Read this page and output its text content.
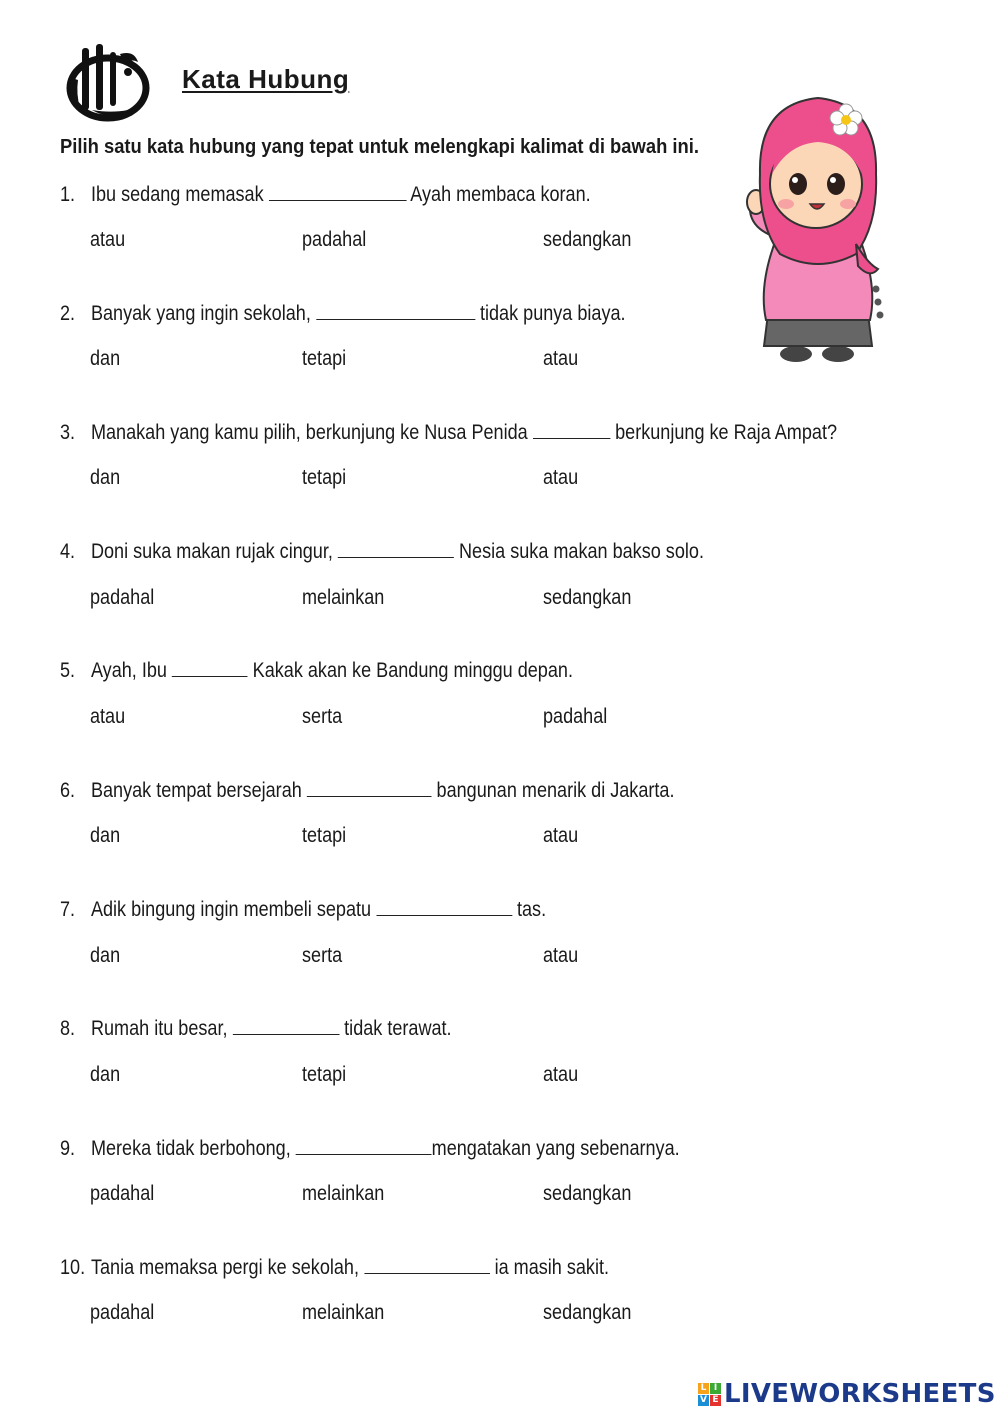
Kata Hubung
Pilih satu kata hubung yang tepat untuk melengkapi kalimat di bawah ini.
1. Ibu sedang memasak	Ayah membaca koran.
atau	padahal	sedangkan
2. Banyak yang ingin sekolah,	tidak punya biaya.
dan	tetapi	atau
3. Manakah yang kamu pilih, berkunjung ke Nusa Penida	berkunjung ke Raja Ampat?
dan	tetapi	atau
4. Doni suka makan rujak cingur,	Nesia suka makan bakso solo.
padahal	melainkan	sedangkan
5. Ayah, Ibu	Kakak akan ke Bandung minggu depan.
atau	serta	padahal
6. Banyak tempat bersejarah	bangunan menarik di Jakarta.
dan	tetapi	atau
7. Adik bingung ingin membeli sepatu	tas.
dan	serta	atau
8. Rumah itu besar,	tidak terawat.
dan	tetapi	atau
9. Mereka tidak berbohong,	mengatakan yang sebenarnya.
padahal	melainkan	sedangkan
10. Tania memaksa pergi ke sekolah,	ia masih sakit.
padahal	melainkan	sedangkan
L I
V E LIVEWORKSHEETS
